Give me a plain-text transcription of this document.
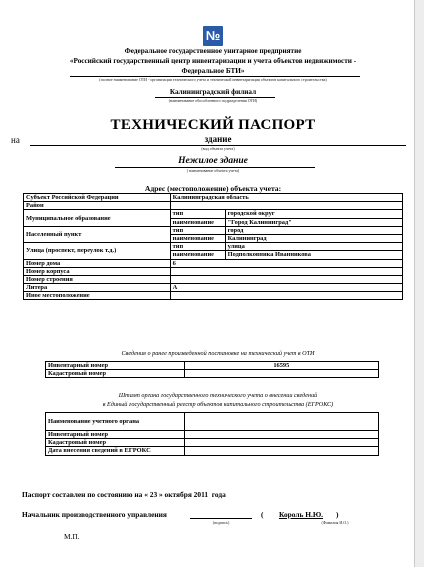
№
Федеральное государственное унитарное предприятие
«Российский государственный центр инвентаризации и учета объектов недвижимости -
Федеральное БТИ»
(полное наименование ОТИ - организации технического учета и технической инвентаризации объектов капитального строительства)
Калининградский филиал
(наименование обособленного подразделения ОТИ)
ТЕХНИЧЕСКИЙ ПАСПОРТ
на	здание
(вид объекта учета)
Нежилое здание
( наименование объекта учета)
Адрес (местоположение) объекта учета:
Субъект Российской Федерации	Калининградская область	
Район		
Муниципальное образование	тип	городской округ
	наименование	"Город Калининград"
Населенный пункт	тип	город
	наименование	Калининград
Улица (проспект, переулок т.д.)	тип	улица
	наименование	Подполковника Иванникова
Номер дома	6	
Номер корпуса		
Номер строения		
Литера	А	
Иное местоположение		
Сведения о ранее произведенной постановке на технический учет в ОТИ
Инвентарный номер	16595
Кадастровый номер	
Штамп органа государственного технического учета о внесении сведений
в Единый государственный реестр объектов капитального строительства (ЕГРОКС)
Наименование учетного органа	
Инвентарный номер	
Кадастровый номер	
Дата внесения сведений в ЕГРОКС	
Паспорт составлен по состоянию на « 23 » октября 2011  года
Начальник производственного управления	(	Король Н.Ю.	)
(подпись)	(Фамилия И.О.)
М.П.
